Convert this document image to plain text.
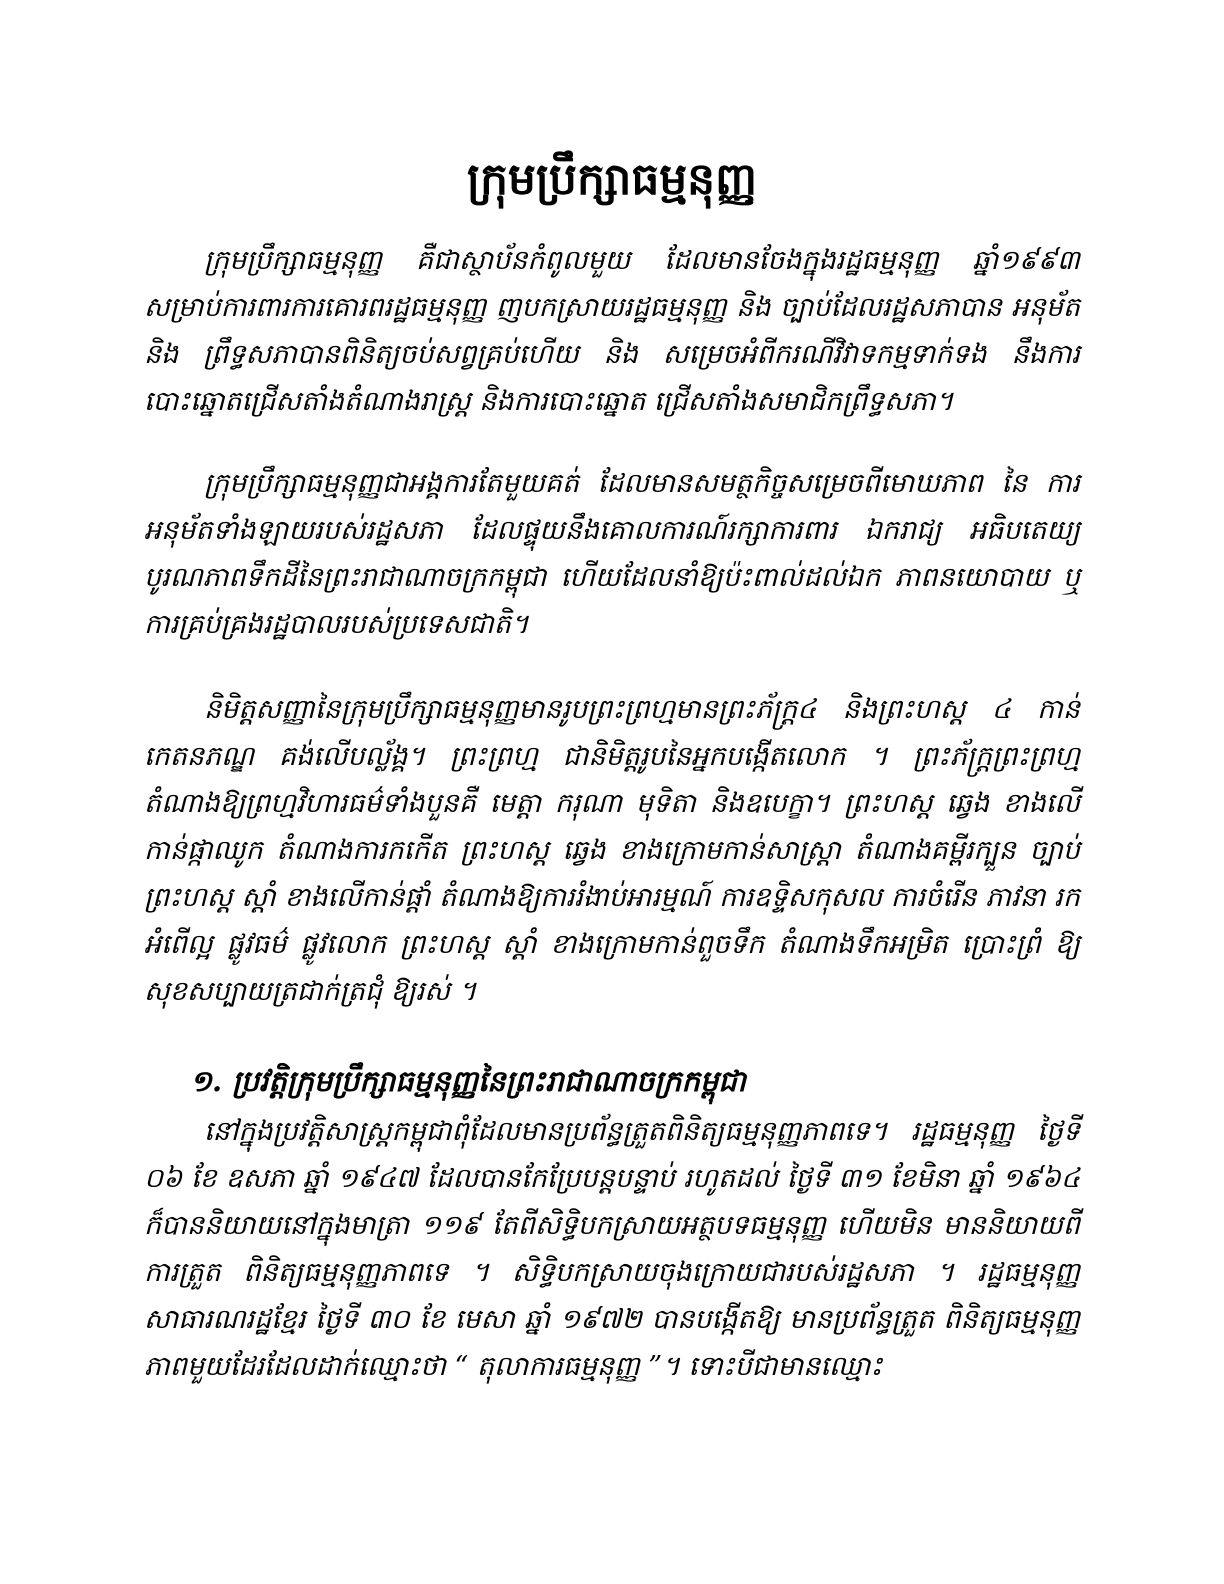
ក្រុមប្រឹក្សាធម្មនុញ្ញ

ក្រុមប្រឹក្សាធម្មនុញ្ញ គឺជាស្ថាប័នកំពូលមួយ ដែលមានចែងក្នុងរដ្ឋធម្មនុញ្ញ ឆ្នាំ១៩៩៣ សម្រាប់ការពារការគោរពរដ្ឋធម្មនុញ្ញ ញបកស្រាយរដ្ឋធម្មនុញ្ញ និង ច្បាប់ដែលរដ្ឋសភាបាន អនុម័ត និង ព្រឹទ្ធសភាបានពិនិត្យចប់សព្វគ្រប់ហើយ និង សម្រេចអំពីករណីវិវាទកម្មទាក់ទង នឹងការបោះឆ្នោតជ្រើសតាំងតំណាងរាស្ត្រ និងការបោះឆ្នោត ជ្រើសតាំងសមាជិកព្រឹទ្ធសភា។

ក្រុមប្រឹក្សាធម្មនុញ្ញជាអង្គការតែមួយគត់ ដែលមានសមត្ថកិច្ចសម្រេចពីមោឃភាព នៃ ការអនុម័តទាំងឡាយរបស់រដ្ឋសភា ដែលផ្ទុយនឹងគោលការណ៍រក្សាការពារ ឯករាជ្យ អធិបតេយ្យ បូរណភាពទឹកដីនៃព្រះរាជាណាចក្រកម្ពុជា ហើយដែលនាំឱ្យប៉ះពាល់ដល់ឯក ភាពនយោបាយ ឬ ការគ្រប់គ្រងរដ្ឋបាលរបស់ប្រទេសជាតិ។

និមិត្តសញ្ញានៃក្រុមប្រឹក្សាធម្មនុញ្ញមានរូបព្រះព្រហ្មមានព្រះភ័ក្ត្រ៤ និងព្រះហស្ត ៤ កាន់ កេតនភណ្ឌ គង់លើបល្ល័ង្គ។ ព្រះព្រហ្ម ជានិមិត្តរូបនៃអ្នកបង្កើតលោក ។ ព្រះភ័ក្ត្រព្រះព្រហ្ម តំណាងឱ្យព្រហ្មវិហារធម៌ទាំងបួនគឺ មេត្តា ករុណា មុទិតា និងឧបេក្ខា។ ព្រះហស្ត ឆ្វេង ខាងលើ កាន់ផ្កាឈូក តំណាងការកកើត ព្រះហស្ត ឆ្វេង ខាងក្រោមកាន់សាស្ត្រា តំណាងគម្ពីរក្បួន ច្បាប់ ព្រះហស្ត ស្តាំ ខាងលើកាន់ផ្តាំ តំណាងឱ្យការរំងាប់អារម្មណ៍ ការឧទ្ទិសកុសល ការចំរើន ភាវនា រកអំពើល្អ ផ្លូវធម៌ ផ្លូវលោក ព្រះហស្ត ស្តាំ ខាងក្រោមកាន់ពួចទឹក តំណាងទឹកអម្រិត ប្រោះព្រំ ឱ្យសុខសប្បាយត្រជាក់ត្រជុំ ឱ្យរស់ ។

១. ប្រវត្តិក្រុមប្រឹក្សាធម្មនុញ្ញនៃព្រះរាជាណាចក្រកម្ពុជា

នៅក្នុងប្រវត្តិសាស្ត្រកម្ពុជាពុំដែលមានប្រព័ន្ធត្រួតពិនិត្យធម្មនុញ្ញភាពទេ។ រដ្ឋធម្មនុញ្ញ ថ្ងៃទី ០៦ ខែ ឧសភា ឆ្នាំ ១៩៤៧ ដែលបានកែប្រែបន្តបន្ទាប់ រហូតដល់ ថ្ងៃទី ៣១ ខែមិនា ឆ្នាំ ១៩៦៤ ក៏បាននិយាយនៅក្នុងមាត្រា ១១៩ តែពីសិទ្ធិបកស្រាយអត្ថបទធម្មនុញ្ញ ហើយមិន មាននិយាយពីការត្រួត ពិនិត្យធម្មនុញ្ញភាពទេ ។ សិទ្ធិបកស្រាយចុងក្រោយជារបស់រដ្ឋសភា ។ រដ្ឋធម្មនុញ្ញសាធារណរដ្ឋខ្មែរ ថ្ងៃទី ៣០ ខែ មេសា ឆ្នាំ ១៩៧២ បានបង្កើតឱ្យ មានប្រព័ន្ធត្រួត ពិនិត្យធម្មនុញ្ញភាពមួយដែរដែលដាក់ឈ្មោះថា “ តុលាការធម្មនុញ្ញ ”។ ទោះបីជាមានឈ្មោះ
